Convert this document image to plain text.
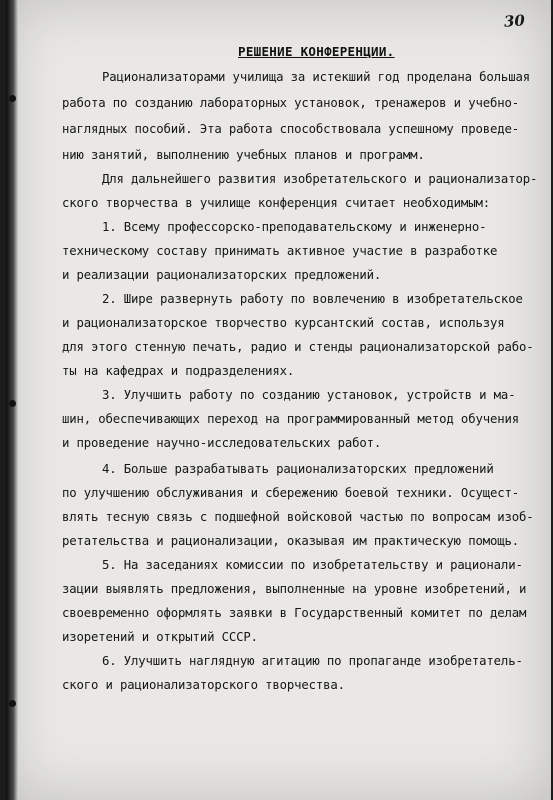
30
РЕШЕНИЕ КОНФЕРЕНЦИИ.
Рационализаторами училища за истекший год проделана большая
работа по созданию лабораторных установок, тренажеров и учебно-
наглядных пособий. Эта работа способствовала успешному проведе-
нию занятий, выполнению учебных планов и программ.
Для дальнейшего развития изобретательского и рационализатор-
ского творчества в училище конференция считает необходимым:
1. Всему профессорско-преподавательскому и инженерно-
техническому составу принимать активное участие в разработке
и реализации рационализаторских предложений.
2. Шире развернуть работу по вовлечению в изобретательское
и рационализаторское творчество курсантский состав, используя
для этого стенную печать, радио и стенды рационализаторской рабо-
ты на кафедрах и подразделениях.
3. Улучшить работу по созданию установок, устройств и ма-
шин, обеспечивающих переход на программированный метод обучения
и проведение научно-исследовательских работ.
4. Больше разрабатывать рационализаторских предложений
по улучшению обслуживания и сбережению боевой техники. Осущест-
влять тесную связь с подшефной войсковой частью по вопросам изоб-
ретательства и рационализации, оказывая им практическую помощь.
5. На заседаниях комиссии по изобретательству и рационали-
зации выявлять предложения, выполненные на уровне изобретений, и
своевременно оформлять заявки в Государственный комитет по делам
изоретений и открытий СССР.
6. Улучшить наглядную агитацию по пропаганде изобретатель-
ского и рационализаторского творчества.
